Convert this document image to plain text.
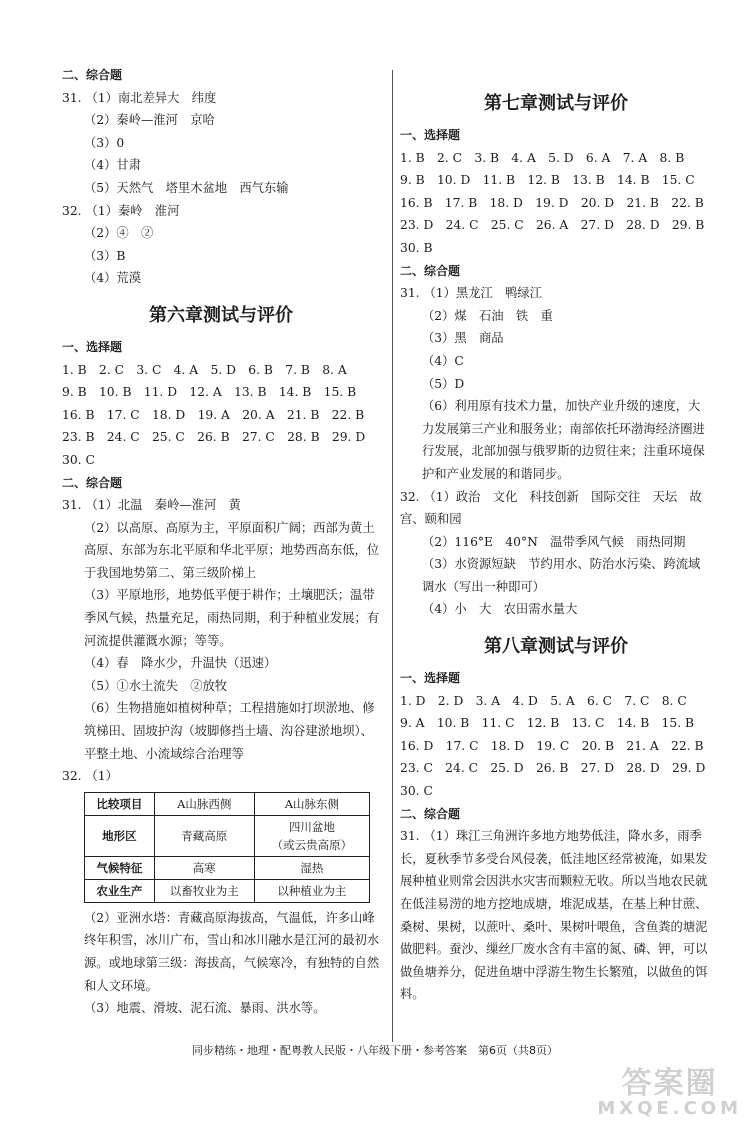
二、综合题
31. （1）南北差异大　纬度
（2）秦岭—淮河　京哈
（3）0
（4）甘肃
（5）天然气　塔里木盆地　西气东输
32. （1）秦岭　淮河
（2）④　②
（3）B
（4）荒漠
第六章测试与评价
一、选择题
1. B　2. C　3. C　4. A　5. D　6. B　7. B　8. A
9. B　10. B　11. D　12. A　13. B　14. B　15. B
16. B　17. C　18. D　19. A　20. A　21. B　22. B
23. B　24. C　25. C　26. B　27. C　28. B　29. D
30. C
二、综合题
31. （1）北温　秦岭—淮河　黄
（2）以高原、高原为主，平原面积广阔；西部为黄土高原、东部为东北平原和华北平原；地势西高东低，位于我国地势第二、第三级阶梯上
（3）平原地形，地势低平便于耕作；土壤肥沃；温带季风气候，热量充足，雨热同期，利于种植业发展；有河流提供灌溉水源；等等。
（4）春　降水少，升温快（迅速）
（5）①水土流失　②放牧
（6）生物措施如植树种草；工程措施如打坝淤地、修筑梯田、固坡护沟（坡脚修挡土墙、沟谷建淤地坝）、平整土地、小流域综合治理等
32. （1）
比较项目	A山脉西侧	A山脉东侧
地形区	青藏高原	四川盆地
（或云贵高原）

气候特征	高寒	湿热
农业生产	以畜牧业为主	以种植业为主
（2）亚洲水塔：青藏高原海拔高，气温低，许多山峰终年积雪，冰川广布，雪山和冰川融水是江河的最初水源。或地球第三级：海拔高，气候寒冷，有独特的自然和人文环境。
（3）地震、滑坡、泥石流、暴雨、洪水等。
第七章测试与评价
一、选择题
1. B　2. C　3. B　4. A　5. D　6. A　7. A　8. B
9. B　10. D　11. B　12. B　13. B　14. B　15. C
16. B　17. B　18. D　19. D　20. D　21. B　22. B
23. D　24. C　25. C　26. A　27. D　28. D　29. B
30. B
二、综合题
31. （1）黑龙江　鸭绿江
（2）煤　石油　铁　重
（3）黑　商品
（4）C
（5）D
（6）利用原有技术力量，加快产业升级的速度，大力发展第三产业和服务业；南部依托环渤海经济圈进行发展，北部加强与俄罗斯的边贸往来；注重环境保护和产业发展的和谐同步。
32. （1）政治　文化　科技创新　国际交往　天坛　故宫、颐和园
（2）116°E　40°N　温带季风气候　雨热同期
（3）水资源短缺　节约用水、防治水污染、跨流域调水（写出一种即可）
（4）小　大　农田需水量大
第八章测试与评价
一、选择题
1. D　2. D　3. A　4. D　5. A　6. C　7. C　8. C
9. A　10. B　11. C　12. B　13. C　14. B　15. B
16. D　17. C　18. D　19. C　20. B　21. A　22. B
23. C　24. C　25. D　26. B　27. D　28. D　29. D
30. C
二、综合题
31. （1）珠江三角洲许多地方地势低洼，降水多，雨季长，夏秋季节多受台风侵袭，低洼地区经常被淹，如果发展种植业则常会因洪水灾害而颗粒无收。所以当地农民就在低洼易涝的地方挖地成塘，堆泥成基，在基上种甘蔗、桑树、果树，以蔗叶、桑叶、果树叶喂鱼，含鱼粪的塘泥做肥料。蚕沙、缫丝厂废水含有丰富的氮、磷、钾，可以做鱼塘养分，促进鱼塘中浮游生物生长繁殖，以做鱼的饵料。
同步精练・地理・配粤教人民版・八年级下册・参考答案　第6页（共8页）
答案圈
MXQE.COM
